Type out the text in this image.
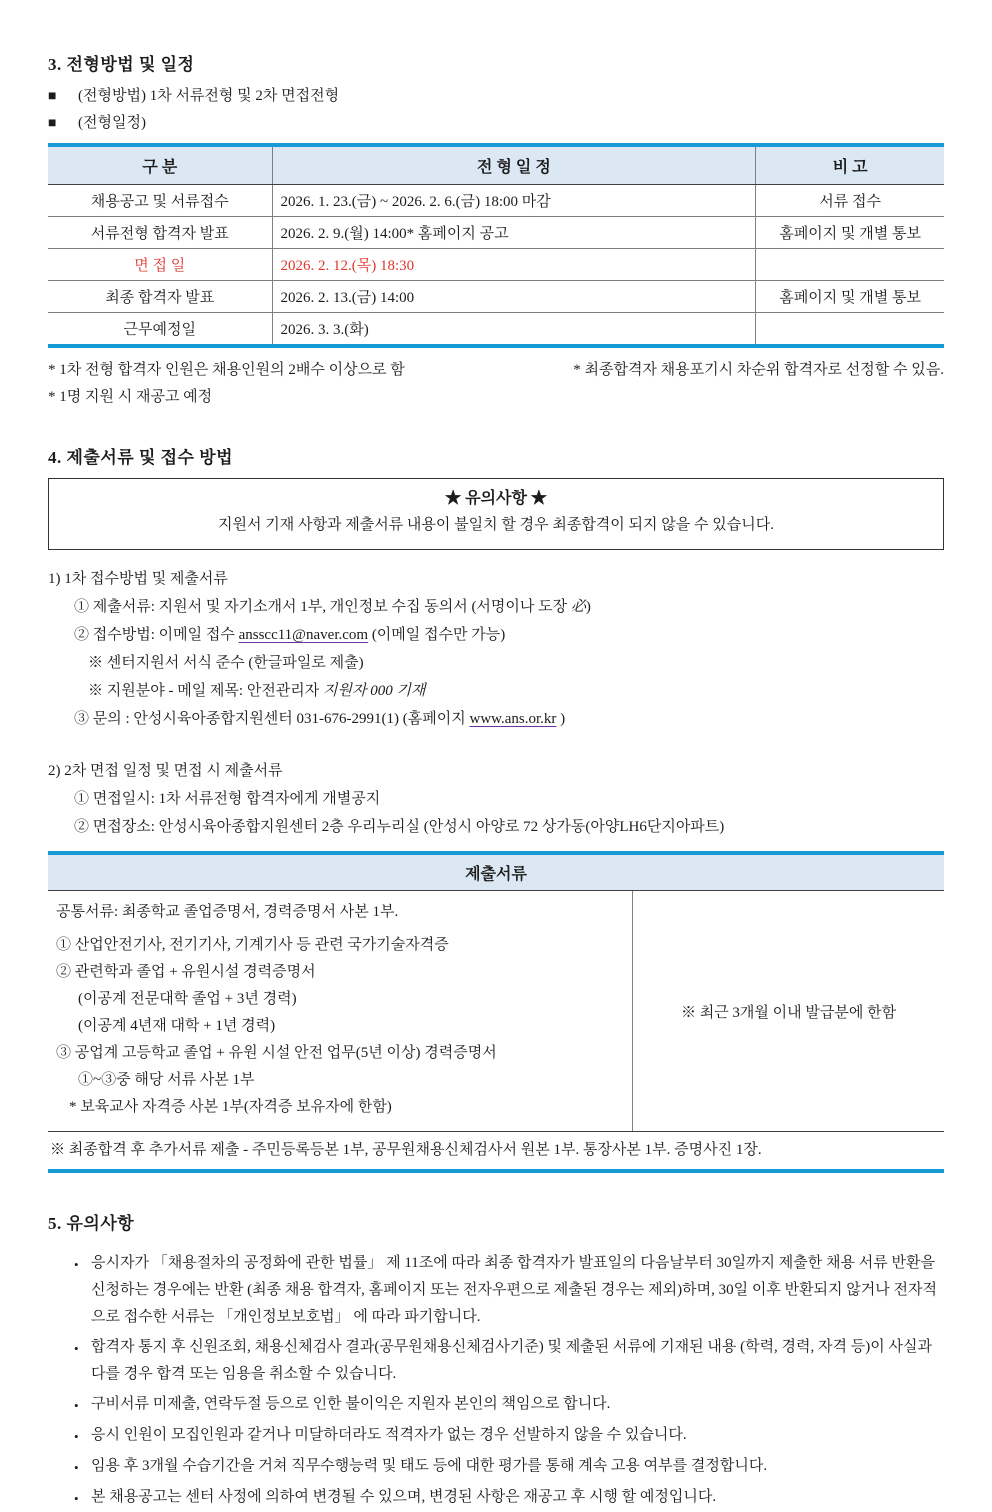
3. 전형방법 및 일정
■	(전형방법) 1차 서류전형 및 2차 면접전형
■	(전형일정)
구 분	전 형 일 정	비 고
채용공고 및 서류접수	2026. 1. 23.(금) ~ 2026. 2. 6.(금) 18:00 마감	서류 접수
서류전형 합격자 발표	2026. 2. 9.(월) 14:00* 홈페이지 공고	홈페이지 및 개별 통보
면 접 일	2026. 2. 12.(목) 18:30	
최종 합격자 발표	2026. 2. 13.(금) 14:00	홈페이지 및 개별 통보
근무예정일	2026. 3. 3.(화)	
* 1차 전형 합격자 인원은 채용인원의 2배수 이상으로 함	* 최종합격자 채용포기시 차순위 합격자로 선정할 수 있음.
* 1명 지원 시 재공고 예정
4. 제출서류 및 접수 방법
★ 유의사항 ★
지원서 기재 사항과 제출서류 내용이 불일치 할 경우 최종합격이 되지 않을 수 있습니다.
1) 1차 접수방법 및 제출서류
① 제출서류: 지원서 및 자기소개서 1부, 개인정보 수집 동의서 (서명이나 도장 必)
② 접수방법: 이메일 접수 ansscc11@naver.com (이메일 접수만 가능)
※ 센터지원서 서식 준수 (한글파일로 제출)
※ 지원분야 - 메일 제목: 안전관리자 지원자 000 기재
③ 문의 : 안성시육아종합지원센터 031-676-2991(1) (홈페이지 www.ans.or.kr )
2) 2차 면접 일정 및 면접 시 제출서류
① 면접일시: 1차 서류전형 합격자에게 개별공지
② 면접장소: 안성시육아종합지원센터 2층 우리누리실 (안성시 아양로 72 상가동(아양LH6단지아파트)
제출서류
공통서류: 최종학교 졸업증명서, 경력증명서 사본 1부.
① 산업안전기사, 전기기사, 기계기사 등 관련 국가기술자격증
② 관련학과 졸업 + 유원시설 경력증명서
(이공계 전문대학 졸업 + 3년 경력)
(이공계 4년재 대학 + 1년 경력)
③ 공업계 고등학교 졸업 + 유원 시설 안전 업무(5년 이상) 경력증명서
①~③중 해당 서류 사본 1부
* 보육교사 자격증 사본 1부(자격증 보유자에 한함)
※ 최근 3개월 이내 발급분에 한함
※ 최종합격 후 추가서류 제출 - 주민등록등본 1부, 공무원채용신체검사서 원본 1부. 통장사본 1부. 증명사진 1장.
5. 유의사항
• 응시자가 「채용절차의 공정화에 관한 법률」 제 11조에 따라 최종 합격자가 발표일의 다음날부터 30일까지 제출한 채용 서류 반환을 신청하는 경우에는 반환 (최종 채용 합격자, 홈페이지 또는 전자우편으로 제출된 경우는 제외)하며, 30일 이후 반환되지 않거나 전자적으로 접수한 서류는 「개인정보보호법」 에 따라 파기합니다.
• 합격자 통지 후 신원조회, 채용신체검사 결과(공무원채용신체검사기준) 및 제출된 서류에 기재된 내용 (학력, 경력, 자격 등)이 사실과 다를 경우 합격 또는 임용을 취소할 수 있습니다.
• 구비서류 미제출, 연락두절 등으로 인한 불이익은 지원자 본인의 책임으로 합니다.
• 응시 인원이 모집인원과 같거나 미달하더라도 적격자가 없는 경우 선발하지 않을 수 있습니다.
• 임용 후 3개월 수습기간을 거쳐 직무수행능력 및 태도 등에 대한 평가를 통해 계속 고용 여부를 결정합니다.
• 본 채용공고는 센터 사정에 의하여 변경될 수 있으며, 변경된 사항은 재공고 후 시행 할 예정입니다.
